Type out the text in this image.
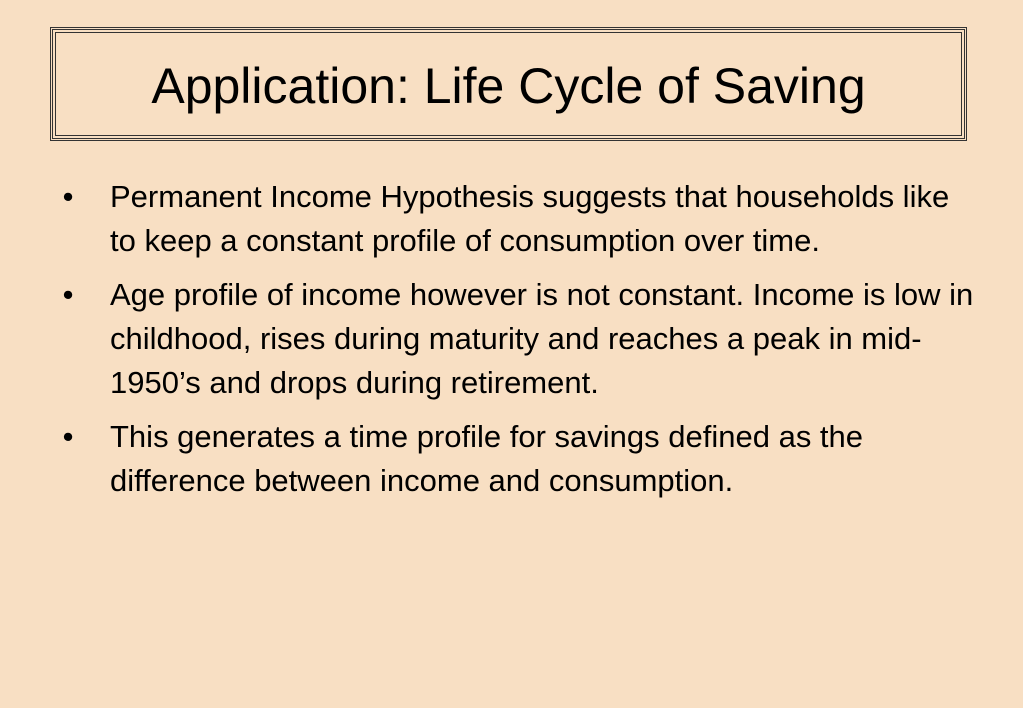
Application: Life Cycle of Saving
• Permanent Income Hypothesis suggests that households like to keep a constant profile of consumption over time.
• Age profile of income however is not constant. Income is low in childhood, rises during maturity and reaches a peak in mid-1950’s and drops during retirement.
• This generates a time profile for savings defined as the difference between income and consumption.
